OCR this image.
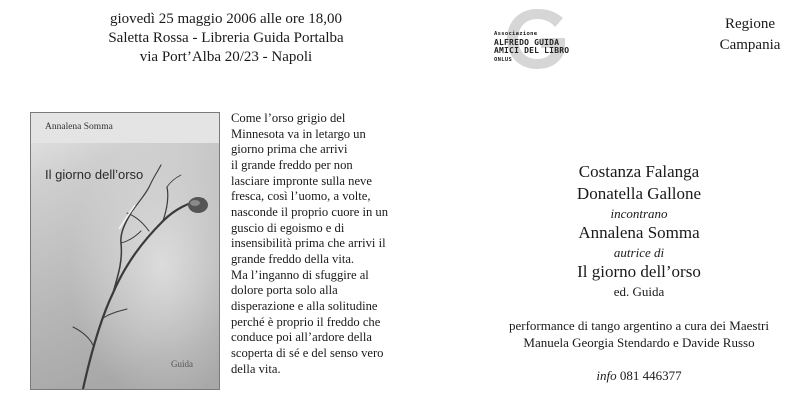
giovedì 25 maggio 2006 alle ore 18,00
Saletta Rossa - Libreria Guida Portalba
via Port’Alba 20/23 - Napoli
Associazione
ALFREDO GUIDA
AMICI DEL LIBRO
ONLUS
Regione
Campania
Annalena Somma
Il giorno dell’orso
Guida

Come l’orso grigio del

Minnesota va in letargo un

giorno prima che arrivi

il grande freddo per non

lasciare impronte sulla neve

fresca, così l’uomo, a volte,

nasconde il proprio cuore in un

guscio di egoismo e di

insensibilità prima che arrivi il

grande freddo della vita.

Ma l’inganno di sfuggire al

dolore porta solo alla

disperazione e alla solitudine

perché è proprio il freddo che

conduce poi all’ardore della

scoperta di sé e del senso vero

della vita.

Costanza Falanga
Donatella Gallone
incontrano
Annalena Somma
autrice di
Il giorno dell’orso
ed. Guida
performance di tango argentino a cura dei Maestri
Manuela Georgia Stendardo e Davide Russo
info 081 446377
